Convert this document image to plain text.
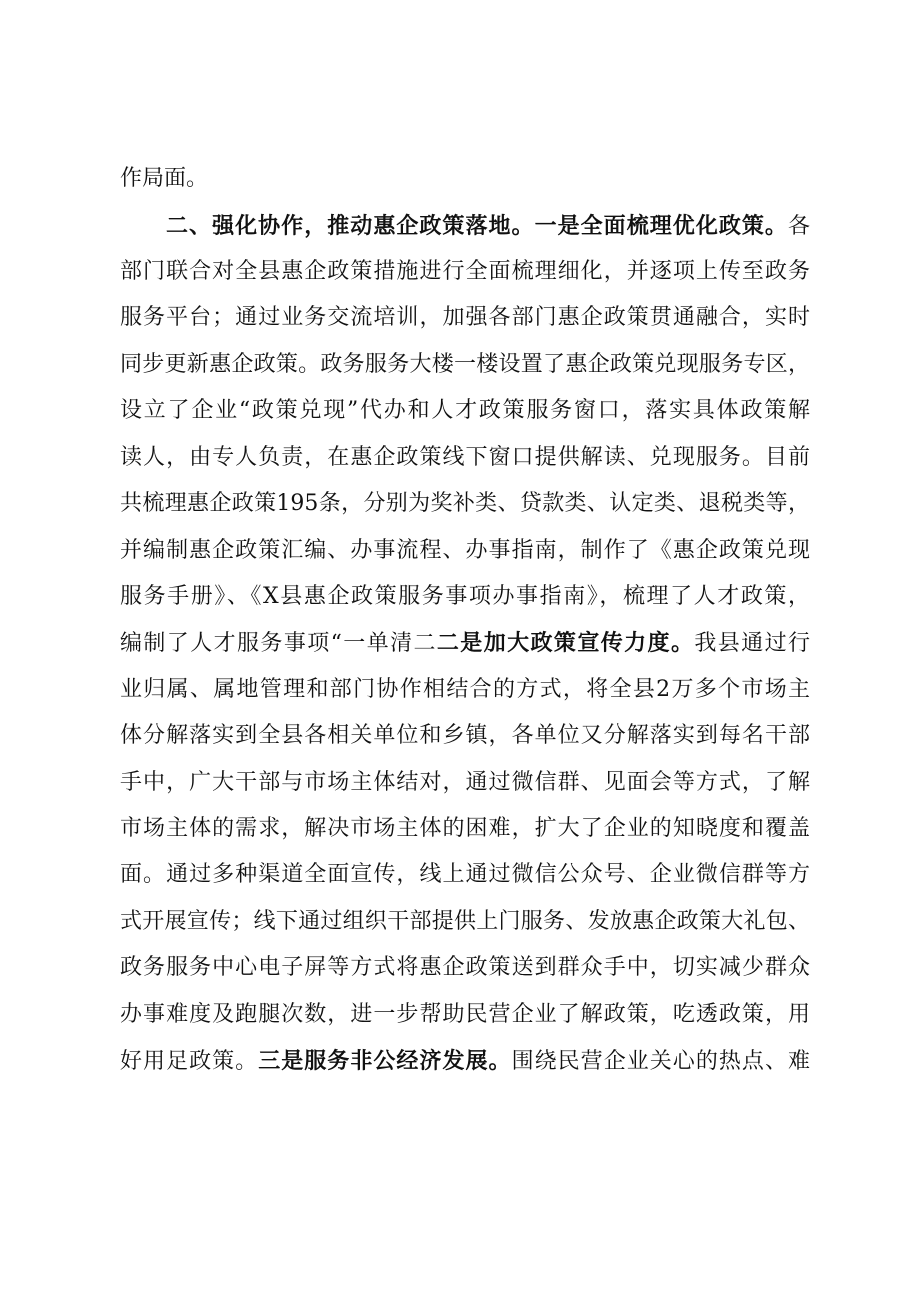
作局面。
二、强化协作，推动惠企政策落地。一是全面梳理优化政策。各
部门联合对全县惠企政策措施进行全面梳理细化，并逐项上传至政务
服务平台；通过业务交流培训，加强各部门惠企政策贯通融合，实时
同步更新惠企政策。政务服务大楼一楼设置了惠企政策兑现服务专区，
设立了企业“政策兑现”代办和人才政策服务窗口，落实具体政策解
读人，由专人负责，在惠企政策线下窗口提供解读、兑现服务。目前
共梳理惠企政策195条，分别为奖补类、贷款类、认定类、退税类等，
并编制惠企政策汇编、办事流程、办事指南，制作了《惠企政策兑现
服务手册》、《X县惠企政策服务事项办事指南》，梳理了人才政策，
编制了人才服务事项“一单清二二是加大政策宣传力度。我县通过行
业归属、属地管理和部门协作相结合的方式，将全县2万多个市场主
体分解落实到全县各相关单位和乡镇，各单位又分解落实到每名干部
手中，广大干部与市场主体结对，通过微信群、见面会等方式，了解
市场主体的需求，解决市场主体的困难，扩大了企业的知晓度和覆盖
面。通过多种渠道全面宣传，线上通过微信公众号、企业微信群等方
式开展宣传；线下通过组织干部提供上门服务、发放惠企政策大礼包、
政务服务中心电子屏等方式将惠企政策送到群众手中，切实减少群众
办事难度及跑腿次数，进一步帮助民营企业了解政策，吃透政策，用
好用足政策。三是服务非公经济发展。围绕民营企业关心的热点、难
